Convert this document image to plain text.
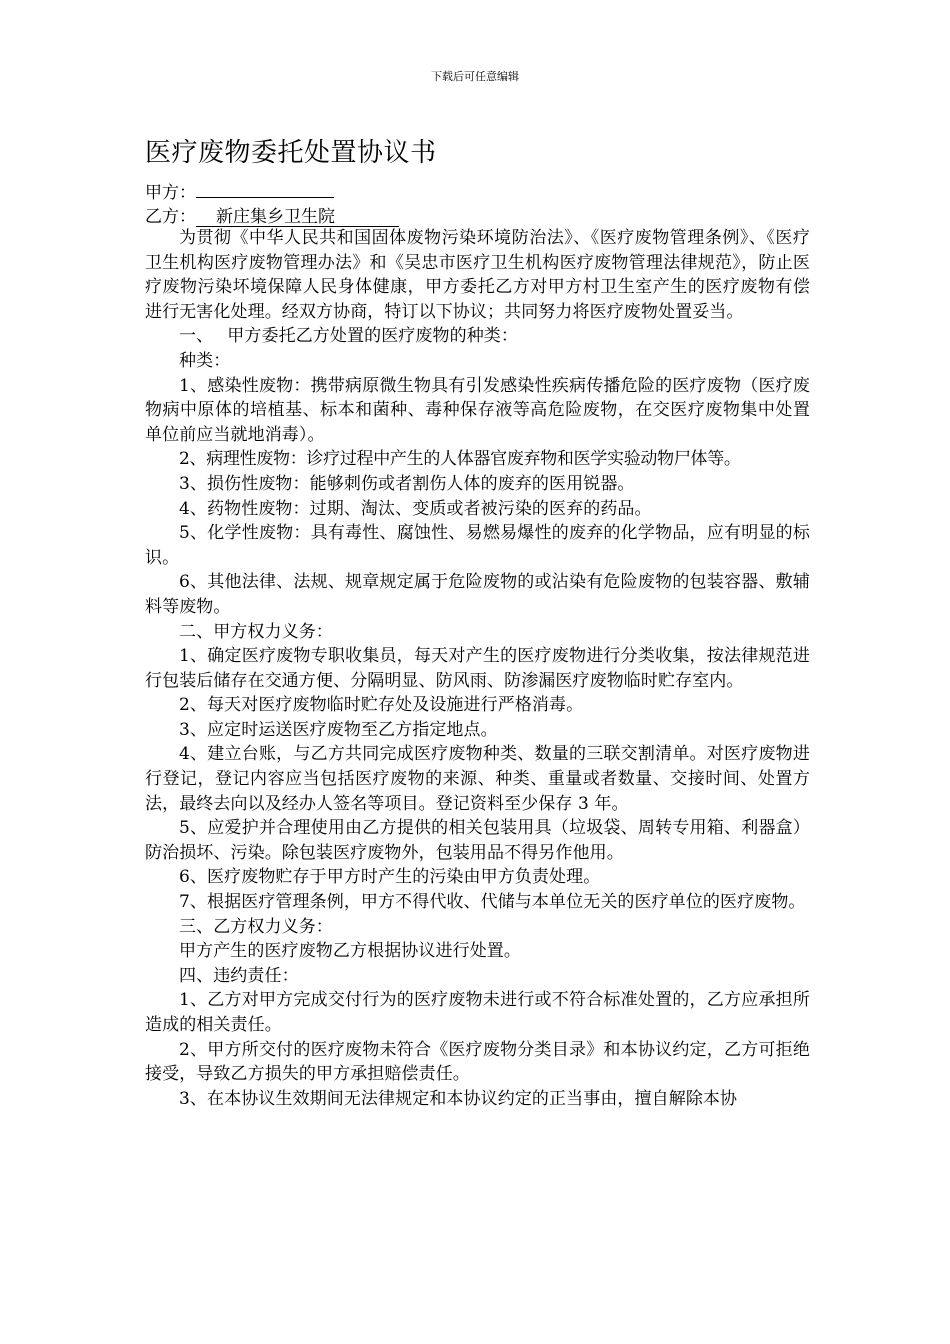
下载后可任意编辑
医疗废物委托处置协议书
甲方：
乙方： 新庄集乡卫生院

为贯彻《中华人民共和国固体废物污染环境防治法》、《医疗废物管理条例》、《医疗卫生机构医疗废物管理办法》和《吴忠市医疗卫生机构医疗废物管理法律规范》，防止医疗废物污染坏境保障人民身体健康，甲方委托乙方对甲方村卫生室产生的医疗废物有偿进行无害化处理。经双方协商，特订以下协议；共同努力将医疗废物处置妥当。

一、　 甲方委托乙方处置的医疗废物的种类：

种类：

1、感染性废物：携带病原微生物具有引发感染性疾病传播危险的医疗废物（医疗废物病中原体的培植基、标本和菌种、毒种保存液等高危险废物，在交医疗废物集中处置单位前应当就地消毒）。

2、病理性废物：诊疗过程中产生的人体器官废弃物和医学实验动物尸体等。

3、损伤性废物：能够刺伤或者割伤人体的废弃的医用锐器。

4、药物性废物：过期、淘汰、变质或者被污染的医弃的药品。

5、化学性废物：具有毒性、腐蚀性、易燃易爆性的废弃的化学物品，应有明显的标识。

6、其他法律、法规、规章规定属于危险废物的或沾染有危险废物的包装容器、敷辅料等废物。

二、甲方权力义务：

1、确定医疗废物专职收集员，每天对产生的医疗废物进行分类收集，按法律规范进行包装后储存在交通方便、分隔明显、防风雨、防渗漏医疗废物临时贮存室内。

2、每天对医疗废物临时贮存处及设施进行严格消毒。

3、应定时运送医疗废物至乙方指定地点。

4、建立台账，与乙方共同完成医疗废物种类、数量的三联交割清单。对医疗废物进行登记，登记内容应当包括医疗废物的来源、种类、重量或者数量、交接时间、处置方法，最终去向以及经办人签名等项目。登记资料至少保存 3 年。

5、应爱护并合理使用由乙方提供的相关包装用具（垃圾袋、周转专用箱、利器盒）防治损坏、污染。除包装医疗废物外，包装用品不得另作他用。

6、医疗废物贮存于甲方时产生的污染由甲方负责处理。

7、根据医疗管理条例，甲方不得代收、代储与本单位无关的医疗单位的医疗废物。

三、乙方权力义务：

甲方产生的医疗废物乙方根据协议进行处置。

四、违约责任：

1、乙方对甲方完成交付行为的医疗废物未进行或不符合标准处置的，乙方应承担所造成的相关责任。

2、甲方所交付的医疗废物未符合《医疗废物分类目录》和本协议约定，乙方可拒绝接受，导致乙方损失的甲方承担赔偿责任。

3、在本协议生效期间无法律规定和本协议约定的正当事由，擅自解除本协
